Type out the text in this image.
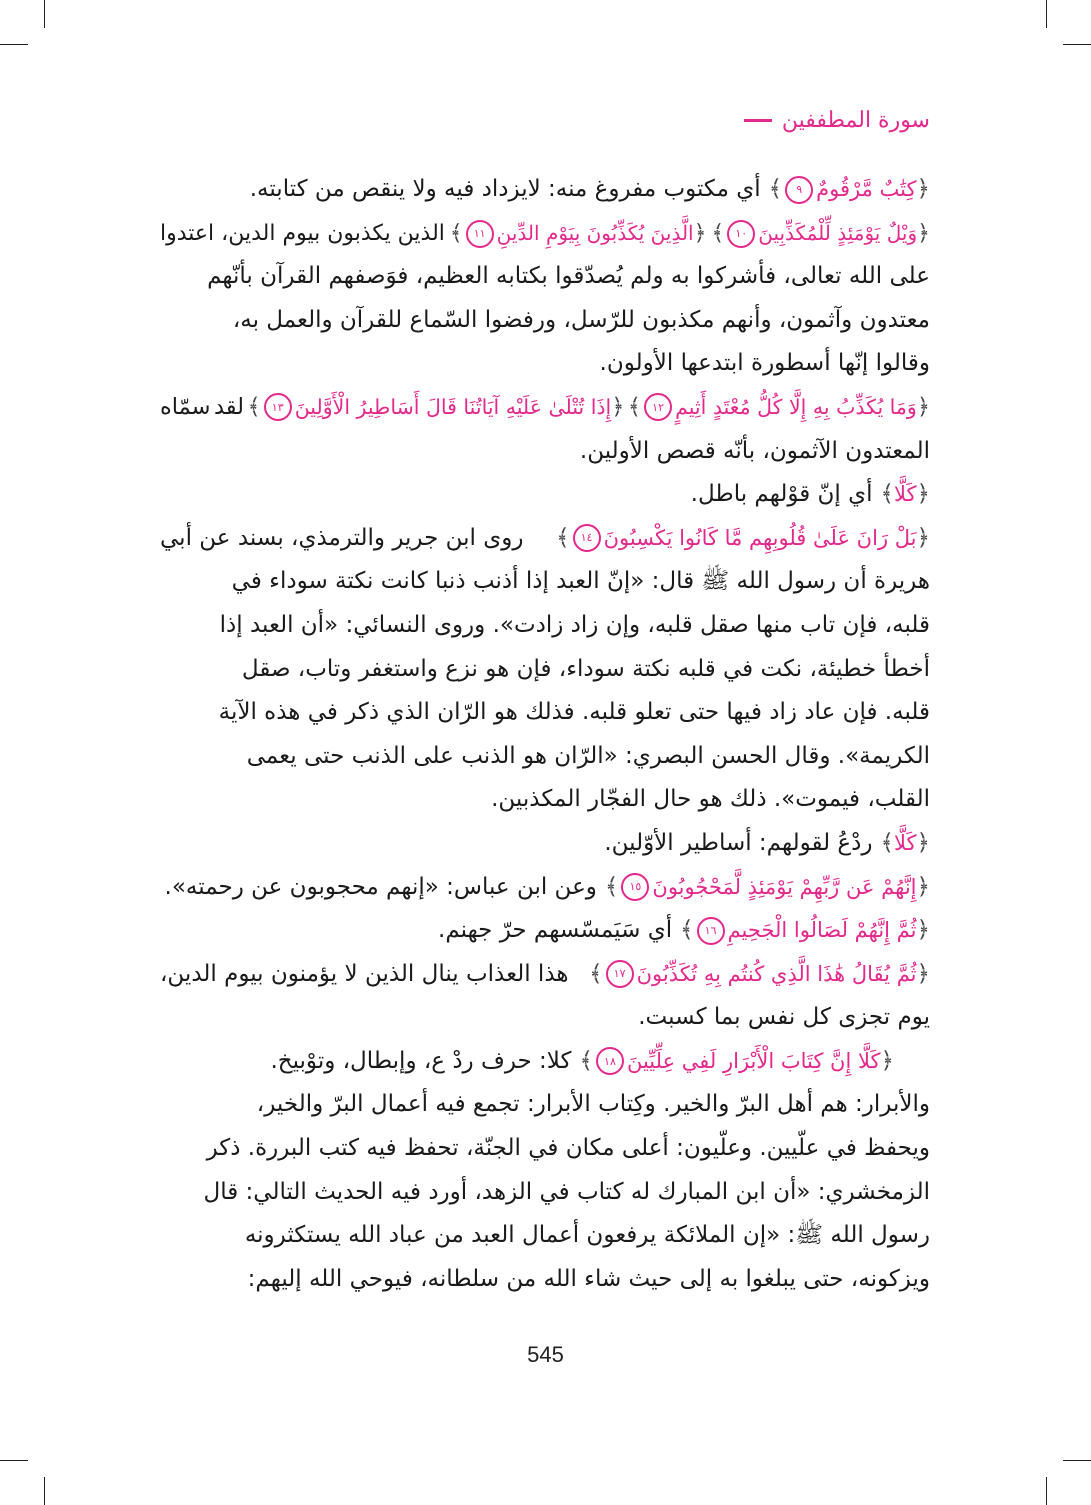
سورة المطففين
﴿كِتَٰبٌ مَّرْقُومٌ٩﴾
أي مكتوب مفروغ منه: لايزداد فيه ولا ينقص من كتابته.
﴿وَيْلٌ يَوْمَئِذٍ لِّلْمُكَذِّبِينَ١٠﴾
﴿الَّذِينَ يُكَذِّبُونَ بِيَوْمِ الدِّينِ١١﴾
الذين يكذبون بيوم الدين، اعتدوا
على الله تعالى، فأشركوا به ولم يُصدّقوا بكتابه العظيم، فوَصفهم القرآن بأنّهم
معتدون وآثمون، وأنهم مكذبون للرّسل، ورفضوا السّماع للقرآن والعمل به،
وقالوا إنّها أسطورة ابتدعها الأولون.
﴿وَمَا يُكَذِّبُ بِهِ إِلَّا كُلُّ مُعْتَدٍ أَثِيمٍ١٢﴾
﴿إِذَا تُتْلَىٰ عَلَيْهِ آيَاتُنَا قَالَ أَسَاطِيرُ الْأَوَّلِينَ١٣﴾
لقد
سمّاه
المعتدون الآثمون، بأنّه قصص الأولين.
﴿كَلَّا﴾
أي إنّ قوْلهم باطل.
﴿بَلْ رَانَ عَلَىٰ قُلُوبِهِم مَّا كَانُوا يَكْسِبُونَ١٤﴾
روى ابن جرير والترمذي، بسند عن أبي
هريرة أن رسول الله ﷺ قال: «إنّ العبد إذا أذنب ذنبا كانت نكتة سوداء في
قلبه، فإن تاب منها صقل قلبه، وإن زاد زادت». وروى النسائي: «أن العبد إذا
أخطأ خطيئة، نكت في قلبه نكتة سوداء، فإن هو نزع واستغفر وتاب، صقل
قلبه. فإن عاد زاد فيها حتى تعلو قلبه. فذلك هو الرّان الذي ذكر في هذه الآية
الكريمة». وقال الحسن البصري: «الرّان هو الذنب على الذنب حتى يعمى
القلب، فيموت». ذلك هو حال الفجّار المكذبين.
﴿كَلَّا﴾
ردْعُ لقولهم: أساطير الأوّلين.
﴿إِنَّهُمْ عَن رَّبِّهِمْ يَوْمَئِذٍ لَّمَحْجُوبُونَ١٥﴾
وعن ابن عباس: «إنهم محجوبون عن رحمته».
﴿ثُمَّ إِنَّهُمْ لَصَالُوا الْجَحِيمِ١٦﴾
أي سَيَمسّسهم حرّ جهنم.
﴿ثُمَّ يُقَالُ هَٰذَا الَّذِي كُنتُم بِهِ تُكَذِّبُونَ١٧﴾
هذا العذاب ينال الذين لا يؤمنون بيوم الدين،
يوم تجزى كل نفس بما كسبت.
﴿كَلَّا إِنَّ كِتَابَ الْأَبْرَارِ لَفِي عِلِّيِّينَ١٨﴾
كلا: حرف ردْ ع، وإبطال، وتوْبيخ.
والأبرار: هم أهل البرّ والخير. وكِتاب الأبرار: تجمع فيه أعمال البرّ والخير،
ويحفظ في علّيين. وعلّيون: أعلى مكان في الجنّة، تحفظ فيه كتب البررة. ذكر
الزمخشري: «أن ابن المبارك له كتاب في الزهد، أورد فيه الحديث التالي: قال
رسول الله ﷺ: «إن الملائكة يرفعون أعمال العبد من عباد الله يستكثرونه
ويزكونه، حتى يبلغوا به إلى حيث شاء الله من سلطانه، فيوحي الله إليهم:
545
